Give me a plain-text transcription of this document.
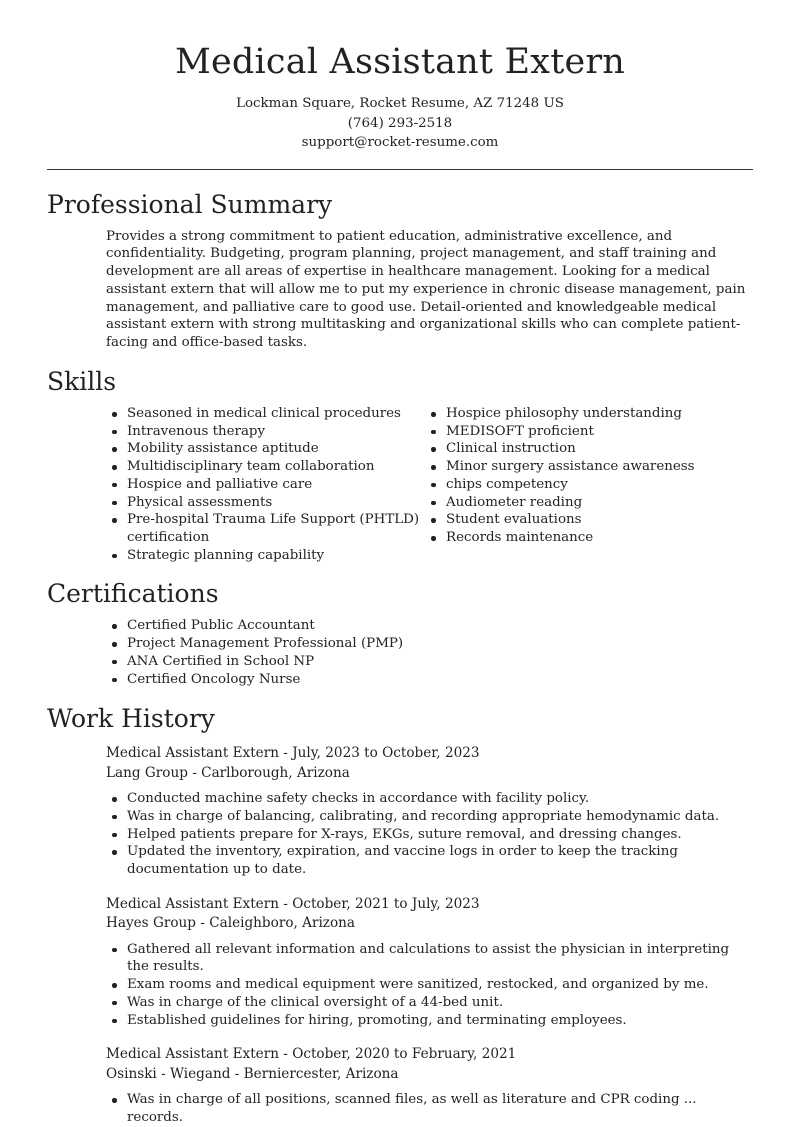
Medical Assistant Extern
Lockman Square, Rocket Resume, AZ 71248 US
(764) 293-2518
support@rocket-resume.com
Professional Summary

Provides a strong commitment to patient education, administrative excellence, and confidentiality. Budgeting, program planning, project management, and staff training and development are all areas of expertise in healthcare management. Looking for a medical assistant extern that will allow me to put my experience in chronic disease management, pain management, and palliative care to good use. Detail-oriented and knowledgeable medical assistant extern with strong multitasking and organizational skills who can complete patient-facing and office-based tasks.

Skills
Seasoned in medical clinical procedures
Intravenous therapy
Mobility assistance aptitude
Multidisciplinary team collaboration
Hospice and palliative care
Physical assessments
Pre-hospital Trauma Life Support (PHTLD) certification
Strategic planning capability
Hospice philosophy understanding
MEDISOFT proficient
Clinical instruction
Minor surgery assistance awareness
chips competency
Audiometer reading
Student evaluations
Records maintenance
Certifications
Certified Public Accountant
Project Management Professional (PMP)
ANA Certified in School NP
Certified Oncology Nurse
Work History
Medical Assistant Extern - July, 2023 to October, 2023
Lang Group - Carlborough, Arizona
Conducted machine safety checks in accordance with facility policy.
Was in charge of balancing, calibrating, and recording appropriate hemodynamic data.
Helped patients prepare for X-rays, EKGs, suture removal, and dressing changes.
Updated the inventory, expiration, and vaccine logs in order to keep the tracking documentation up to date.
Medical Assistant Extern - October, 2021 to July, 2023
Hayes Group - Caleighboro, Arizona
Gathered all relevant information and calculations to assist the physician in interpreting the results.
Exam rooms and medical equipment were sanitized, restocked, and organized by me.
Was in charge of the clinical oversight of a 44-bed unit.
Established guidelines for hiring, promoting, and terminating employees.
Medical Assistant Extern - October, 2020 to February, 2021
Osinski - Wiegand - Berniercester, Arizona
Was in charge of all positions, scanned files, as well as literature and CPR coding ... records.
